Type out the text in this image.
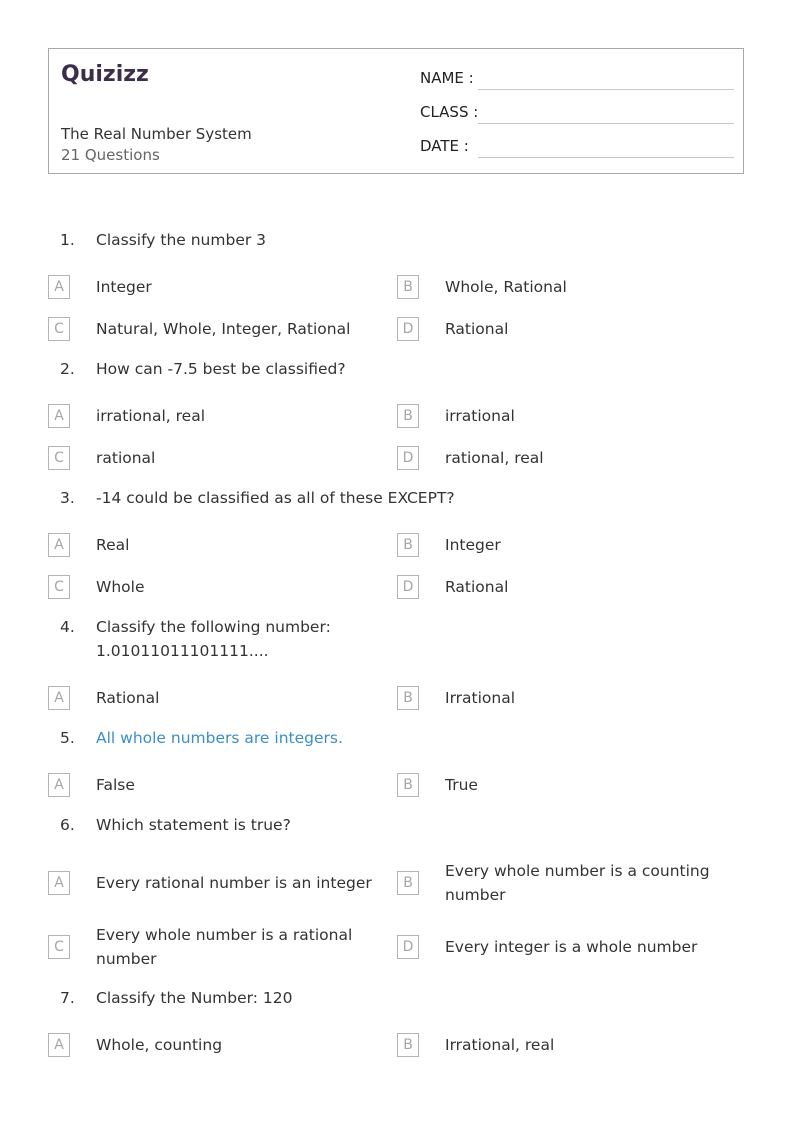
Quizizz
The Real Number System
21 Questions
NAME :
CLASS :
DATE :
1. Classify the number 3
A	Integer	B	Whole, Rational
C	Natural, Whole, Integer, Rational	D	Rational
2. How can -7.5 best be classified?
A	irrational, real	B	irrational
C	rational	D	rational, real
3. -14 could be classified as all of these EXCEPT?
A	Real	B	Integer
C	Whole	D	Rational
4. Classify the following number: 1.01011011101111....
A	Rational	B	Irrational
5. All whole numbers are integers.
A	False	B	True
6. Which statement is true?
A	Every rational number is an integer	B
Every whole number is a counting number
C
Every whole number is a rational number
D	Every integer is a whole number
7. Classify the Number: 120
A	Whole, counting	B	Irrational, real
